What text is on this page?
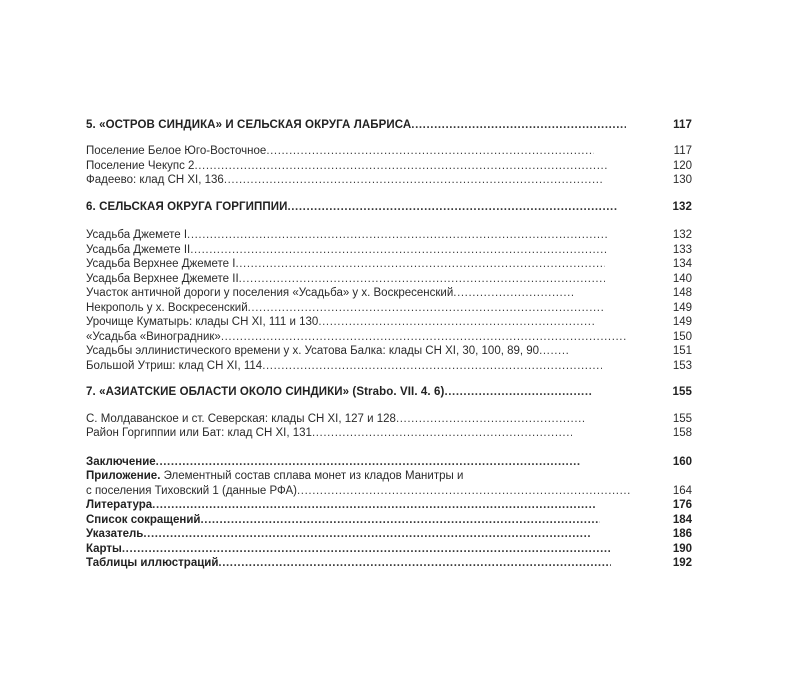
5. «ОСТРОВ СИНДИКА» И СЕЛЬСКАЯ ОКРУГА ЛАБРИСА .....	117
Поселение Белое Юго-Восточное .....	117
Поселение Чекупс 2 .....	120
Фадеево: клад СН XI, 136 .....	130
6. СЕЛЬСКАЯ ОКРУГА ГОРГИППИИ .....	132
Усадьба Джемете I .....	132
Усадьба Джемете II .....	133
Усадьба Верхнее Джемете I .....	134
Усадьба Верхнее Джемете II .....	140
Участок античной дороги у поселения «Усадьба» у х. Воскресенский .....	148
Некрополь у х. Воскресенский .....	149
Урочище Куматырь: клады СН XI, 111 и 130 .....	149
«Усадьба «Виноградник» .....	150
Усадьбы эллинистического времени у х. Усатова Балка: клады СН XI, 30, 100, 89, 90 .....	151
Большой Утриш: клад СН XI, 114 .....	153
7. «АЗИАТСКИЕ ОБЛАСТИ ОКОЛО СИНДИКИ» (Strabo. VII. 4. 6) .....	155
С. Молдаванское и ст. Северская: клады СН XI, 127 и 128 .....	155
Район Горгиппии или Бат: клад СН XI, 131 .....	158
Заключение .....	160
Приложение. Элементный состав сплава монет из кладов Манитры и
с поселения Тиховский 1 (данные РФА) .....	164
Литература .....	176
Список сокращений .....	184
Указатель .....	186
Карты .....	190
Таблицы иллюстраций .....	192
